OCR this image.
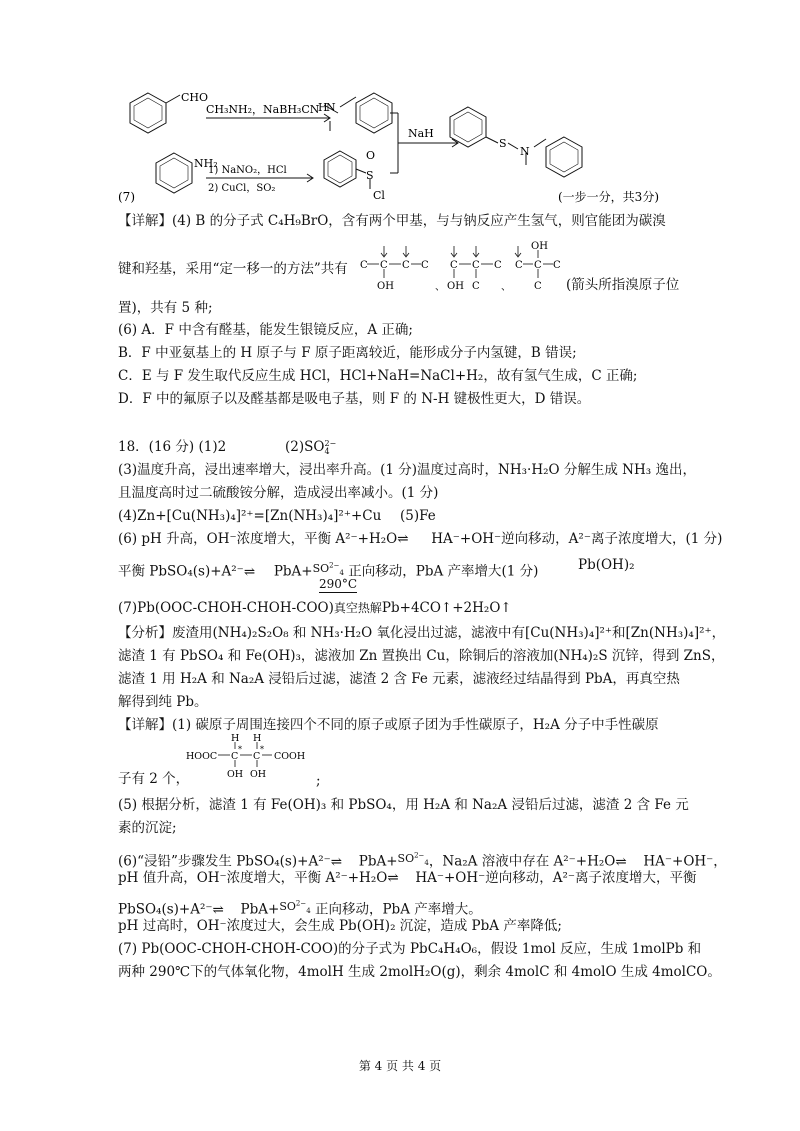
CHO
CH₃NH₂，NaBH₃CN
H
N
NaH
NH₂
1) NaNO₂，HCl
2) CuCl，SO₂
S
O
Cl
S
N
(7)	(一步一分，共3分)
【详解】(4) B 的分子式 C₄H₉BrO，含有两个甲基，与与钠反应产生氢气，则官能团为碳溴
键和羟基，采用“定一移一的方法”共有 C C C C
OH	、
C C C
OH C 、
C C C
OH
C (箭头所指溴原子位
置)，共有 5 种;
(6) A．F 中含有醛基，能发生银镜反应，A 正确;
B．F 中亚氨基上的 H 原子与 F 原子距离较近，能形成分子内氢键，B 错误;
C．E 与 F 发生取代反应生成 HCl，HCl+NaH=NaCl+H₂，故有氢气生成，C 正确;
D．F 中的氟原子以及醛基都是吸电子基，则 F 的 N-H 键极性更大，D 错误。
18．(16 分) (1)2	(2)SO 2−
4
(3)温度升高，浸出速率增大，浸出率升高。(1 分)温度过高时，NH₃·H₂O 分解生成 NH₃ 逸出，
且温度高时过二硫酸铵分解，造成浸出率减小。(1 分)
(4)Zn+[Cu(NH₃)₄]²⁺=[Zn(NH₃)₄]²⁺+Cu (5)Fe
(6) pH 升高，OH⁻浓度增大，平衡 A²⁻+H₂O⇌ HA⁻+OH⁻逆向移动，A²⁻离子浓度增大，(1 分)
平衡 PbSO₄(s)+A²⁻⇌ PbA+$^{SO^{2-}_4}$ 正向移动，PbA 产率增大(1 分)	Pb(OH)₂
290°C
(7)Pb(OOC-CHOH-CHOH-COO)真空热解Pb+4CO↑+2H₂O↑
【分析】废渣用(NH₄)₂S₂O₈ 和 NH₃·H₂O 氧化浸出过滤，滤液中有[Cu(NH₃)₄]²⁺和[Zn(NH₃)₄]²⁺，
滤渣 1 有 PbSO₄ 和 Fe(OH)₃，滤液加 Zn 置换出 Cu，除铜后的溶液加(NH₄)₂S 沉锌，得到 ZnS，
滤渣 1 用 H₂A 和 Na₂A 浸铅后过滤，滤渣 2 含 Fe 元素，滤液经过结晶得到 PbA，再真空热
解得到纯 Pb。
【详解】(1) 碳原子周围连接四个不同的原子或原子团为手性碳原子，H₂A 分子中手性碳原
HOOC C C
* *
COOH
H H
OH OH
子有 2 个，	;
(5) 根据分析，滤渣 1 有 Fe(OH)₃ 和 PbSO₄，用 H₂A 和 Na₂A 浸铅后过滤，滤渣 2 含 Fe 元
素的沉淀;
(6)“浸铅”步骤发生 PbSO₄(s)+A²⁻⇌ PbA+$^{SO^{2-}_4}$，Na₂A 溶液中存在 A²⁻+H₂O⇌ HA⁻+OH⁻，
pH 值升高，OH⁻浓度增大，平衡 A²⁻+H₂O⇌ HA⁻+OH⁻逆向移动，A²⁻离子浓度增大，平衡
PbSO₄(s)+A²⁻⇌ PbA+$^{SO^{2-}_4}$ 正向移动，PbA 产率增大。
pH 过高时，OH⁻浓度过大，会生成 Pb(OH)₂ 沉淀，造成 PbA 产率降低;
(7) Pb(OOC-CHOH-CHOH-COO)的分子式为 PbC₄H₄O₆，假设 1mol 反应，生成 1molPb 和
两种 290℃下的气体氧化物，4molH 生成 2molH₂O(g)，剩余 4molC 和 4molO 生成 4molCO。
第 4 页 共 4 页
